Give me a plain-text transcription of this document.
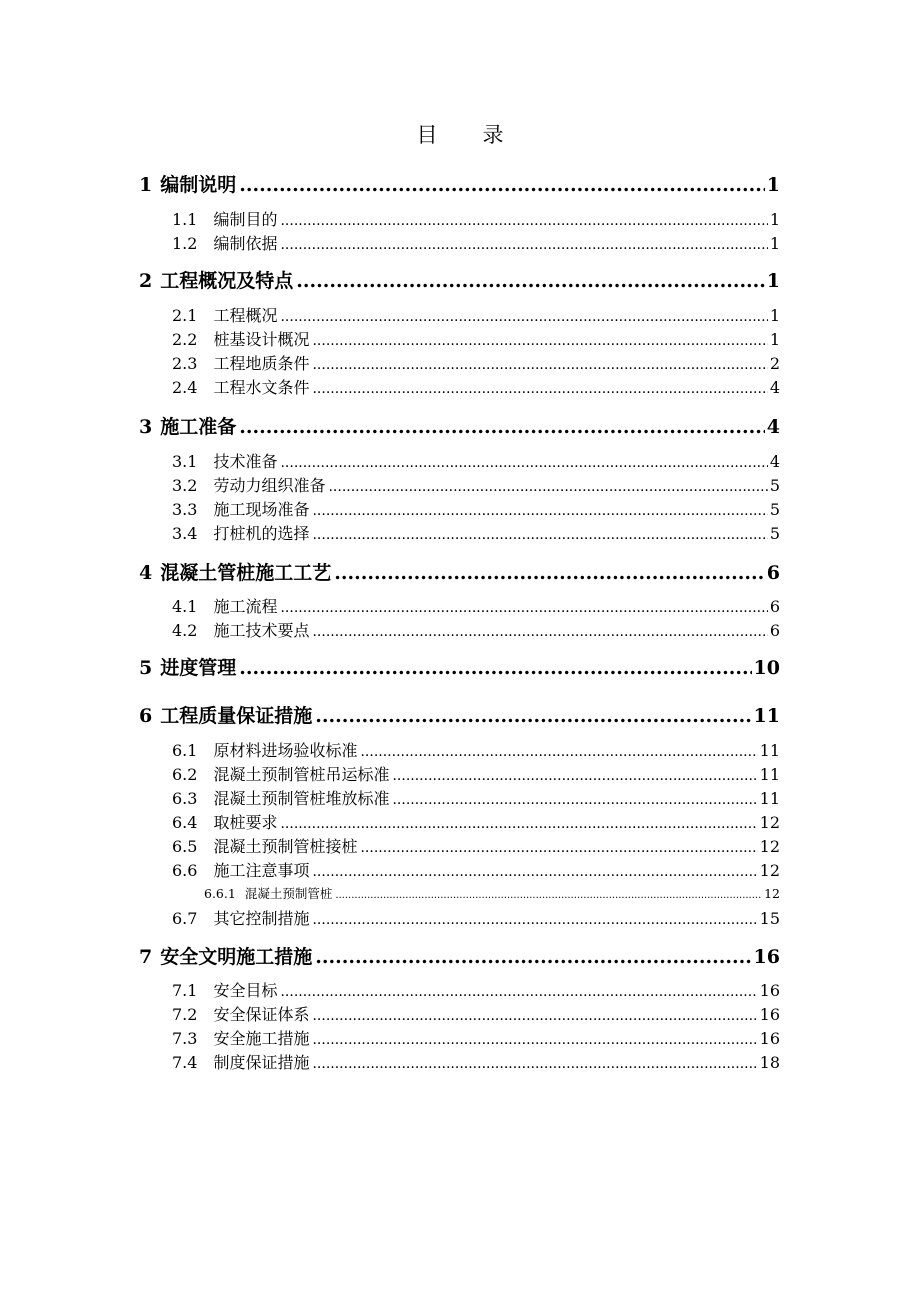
目 录
1 编制说明 .....	1
1.1 编制目的 .....	1
1.2 编制依据 .....	1
2 工程概况及特点 .....	1
2.1 工程概况 .....	1
2.2 桩基设计概况 .....	1
2.3 工程地质条件 .....	2
2.4 工程水文条件 .....	4
3 施工准备 .....	4
3.1 技术准备 .....	4
3.2 劳动力组织准备 .....	5
3.3 施工现场准备 .....	5
3.4 打桩机的选择 .....	5
4 混凝土管桩施工工艺 .....	6
4.1 施工流程 .....	6
4.2 施工技术要点 .....	6
5 进度管理 .....	10
6 工程质量保证措施 .....	11
6.1 原材料进场验收标准 .....	11
6.2 混凝土预制管桩吊运标准 .....	11
6.3 混凝土预制管桩堆放标准 .....	11
6.4 取桩要求 .....	12
6.5 混凝土预制管桩接桩 .....	12
6.6 施工注意事项 .....	12
6.6.1 混凝土预制管桩 .....	12
6.7 其它控制措施 .....	15
7 安全文明施工措施 .....	16
7.1 安全目标 .....	16
7.2 安全保证体系 .....	16
7.3 安全施工措施 .....	16
7.4 制度保证措施 .....	18
